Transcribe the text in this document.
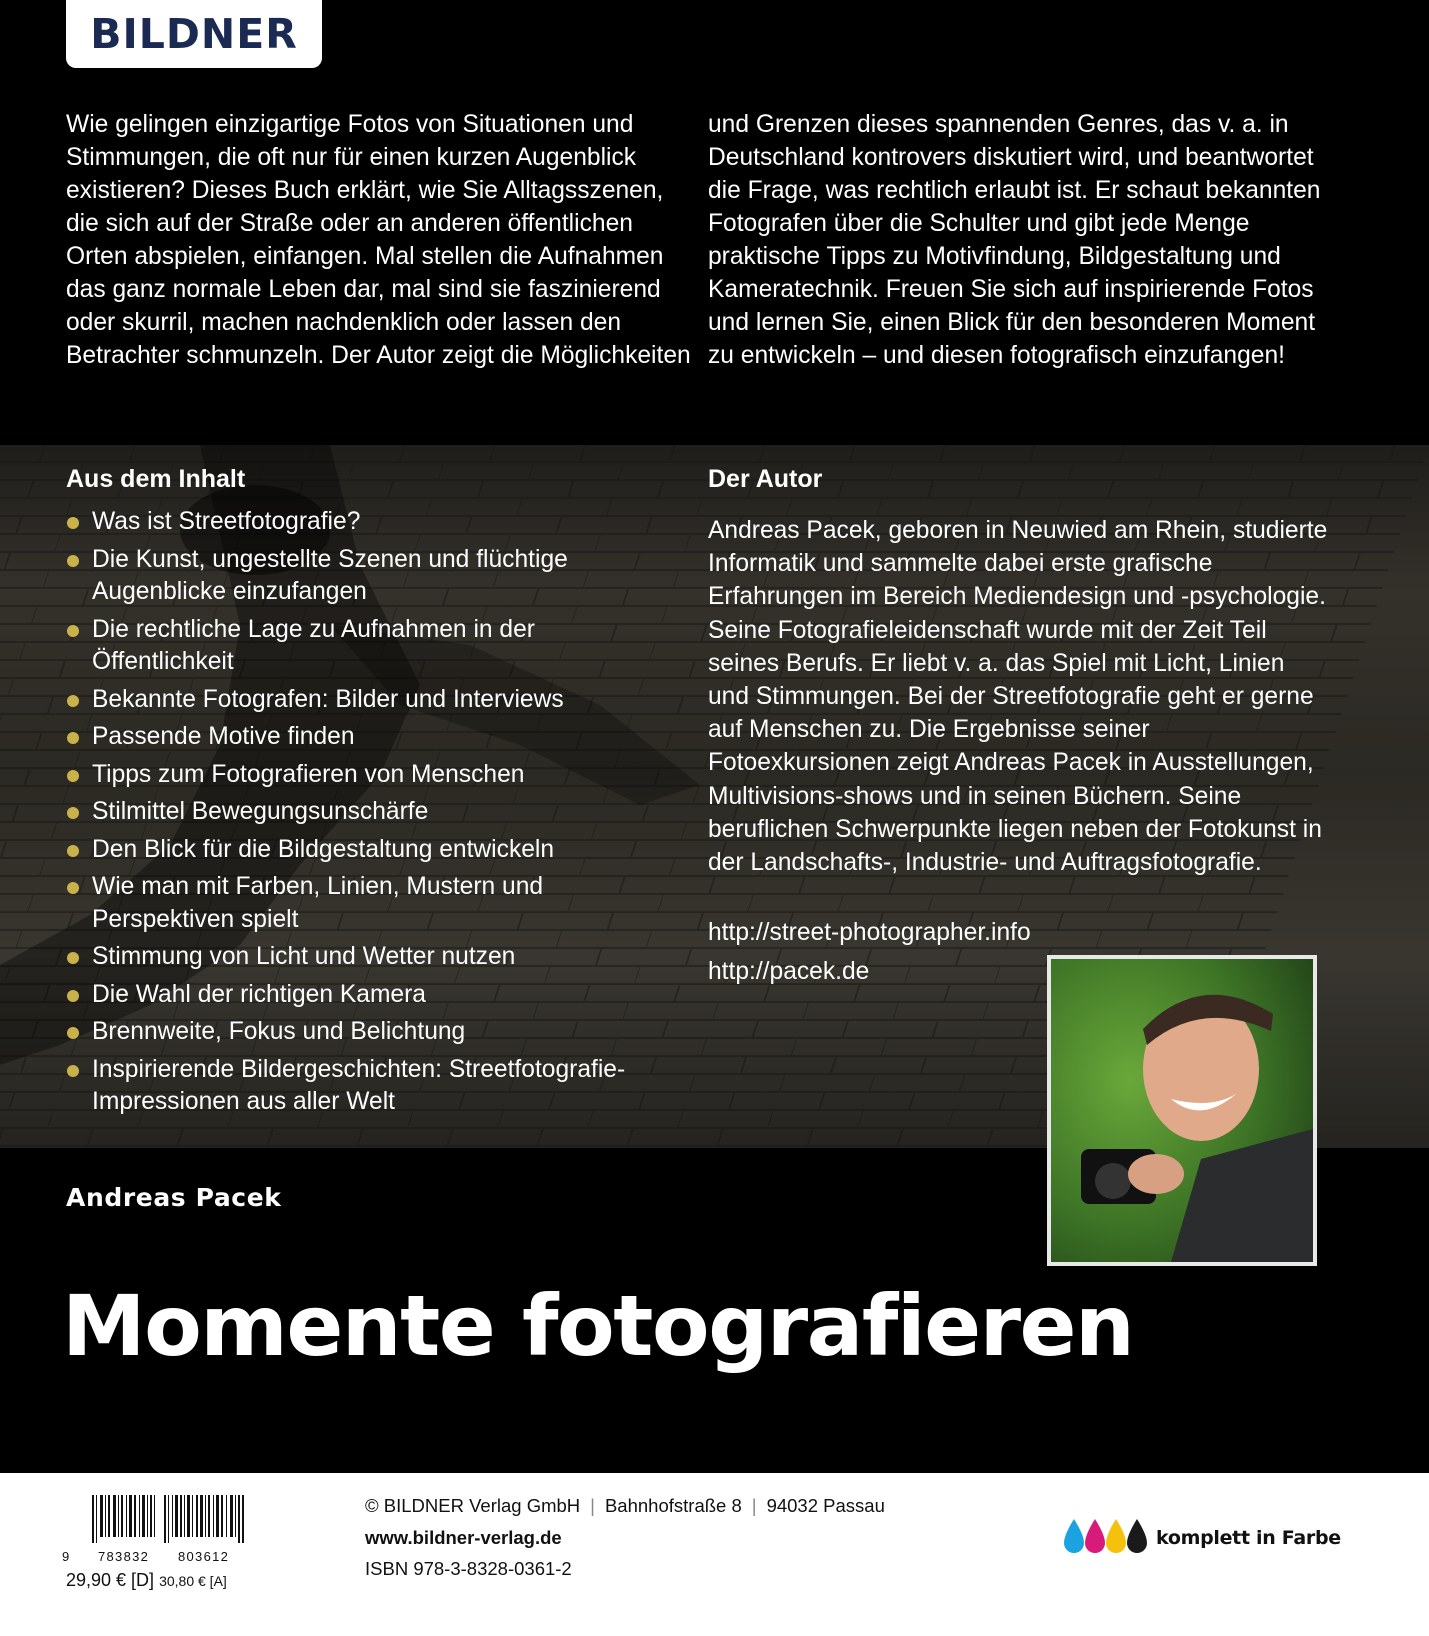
BILDNER

Wie gelingen einzigartige Fotos von Situationen und Stimmungen, die oft nur für einen kurzen Augenblick existieren? Dieses Buch erklärt, wie Sie Alltagsszenen, die sich auf der Straße oder an anderen öffentlichen Orten abspielen, einfangen. Mal stellen die Aufnahmen das ganz normale Leben dar, mal sind sie faszinierend oder skurril, machen nachdenklich oder lassen den Betrachter schmunzeln. Der Autor zeigt die Möglichkeiten

und Grenzen dieses spannenden Genres, das v. a. in Deutschland kontrovers diskutiert wird, und beantwortet die Frage, was rechtlich erlaubt ist. Er schaut bekannten Fotografen über die Schulter und gibt jede Menge praktische Tipps zu Motivfindung, Bildgestaltung und Kameratechnik. Freuen Sie sich auf inspirierende Fotos und lernen Sie, einen Blick für den besonderen Moment zu entwickeln – und diesen fotografisch einzufangen!

Aus dem Inhalt
Was ist Streetfotografie?
Die Kunst, ungestellte Szenen und flüchtige Augenblicke einzufangen
Die rechtliche Lage zu Aufnahmen in der Öffentlichkeit
Bekannte Fotografen: Bilder und Interviews
Passende Motive finden
Tipps zum Fotografieren von Menschen
Stilmittel Bewegungsunschärfe
Den Blick für die Bildgestaltung entwickeln
Wie man mit Farben, Linien, Mustern und Perspektiven spielt
Stimmung von Licht und Wetter nutzen
Die Wahl der richtigen Kamera
Brennweite, Fokus und Belichtung
Inspirierende Bildergeschichten: Streetfotografie-Impressionen aus aller Welt
Der Autor

Andreas Pacek, geboren in Neuwied am Rhein, studierte Informatik und sammelte dabei erste grafische Erfahrungen im Bereich Mediendesign und -psychologie. Seine Fotografieleidenschaft wurde mit der Zeit Teil seines Berufs. Er liebt v. a. das Spiel mit Licht, Linien und Stimmungen. Bei der Streetfotografie geht er gerne auf Menschen zu. Die Ergebnisse seiner Fotoexkursionen zeigt Andreas Pacek in Ausstellungen, Multivisions-shows und in seinen Büchern. Seine beruflichen Schwerpunkte liegen neben der Fotokunst in der Landschafts-, Industrie- und Auftragsfotografie.

http://street-photographer.info
http://pacek.de
Andreas Pacek
Momente fotografieren
9 783832 803612
29,90 € [D] 30,80 € [A]
© BILDNER Verlag GmbH | Bahnhofstraße 8 | 94032 Passau
www.bildner-verlag.de
ISBN 978-3-8328-0361-2
komplett in Farbe
